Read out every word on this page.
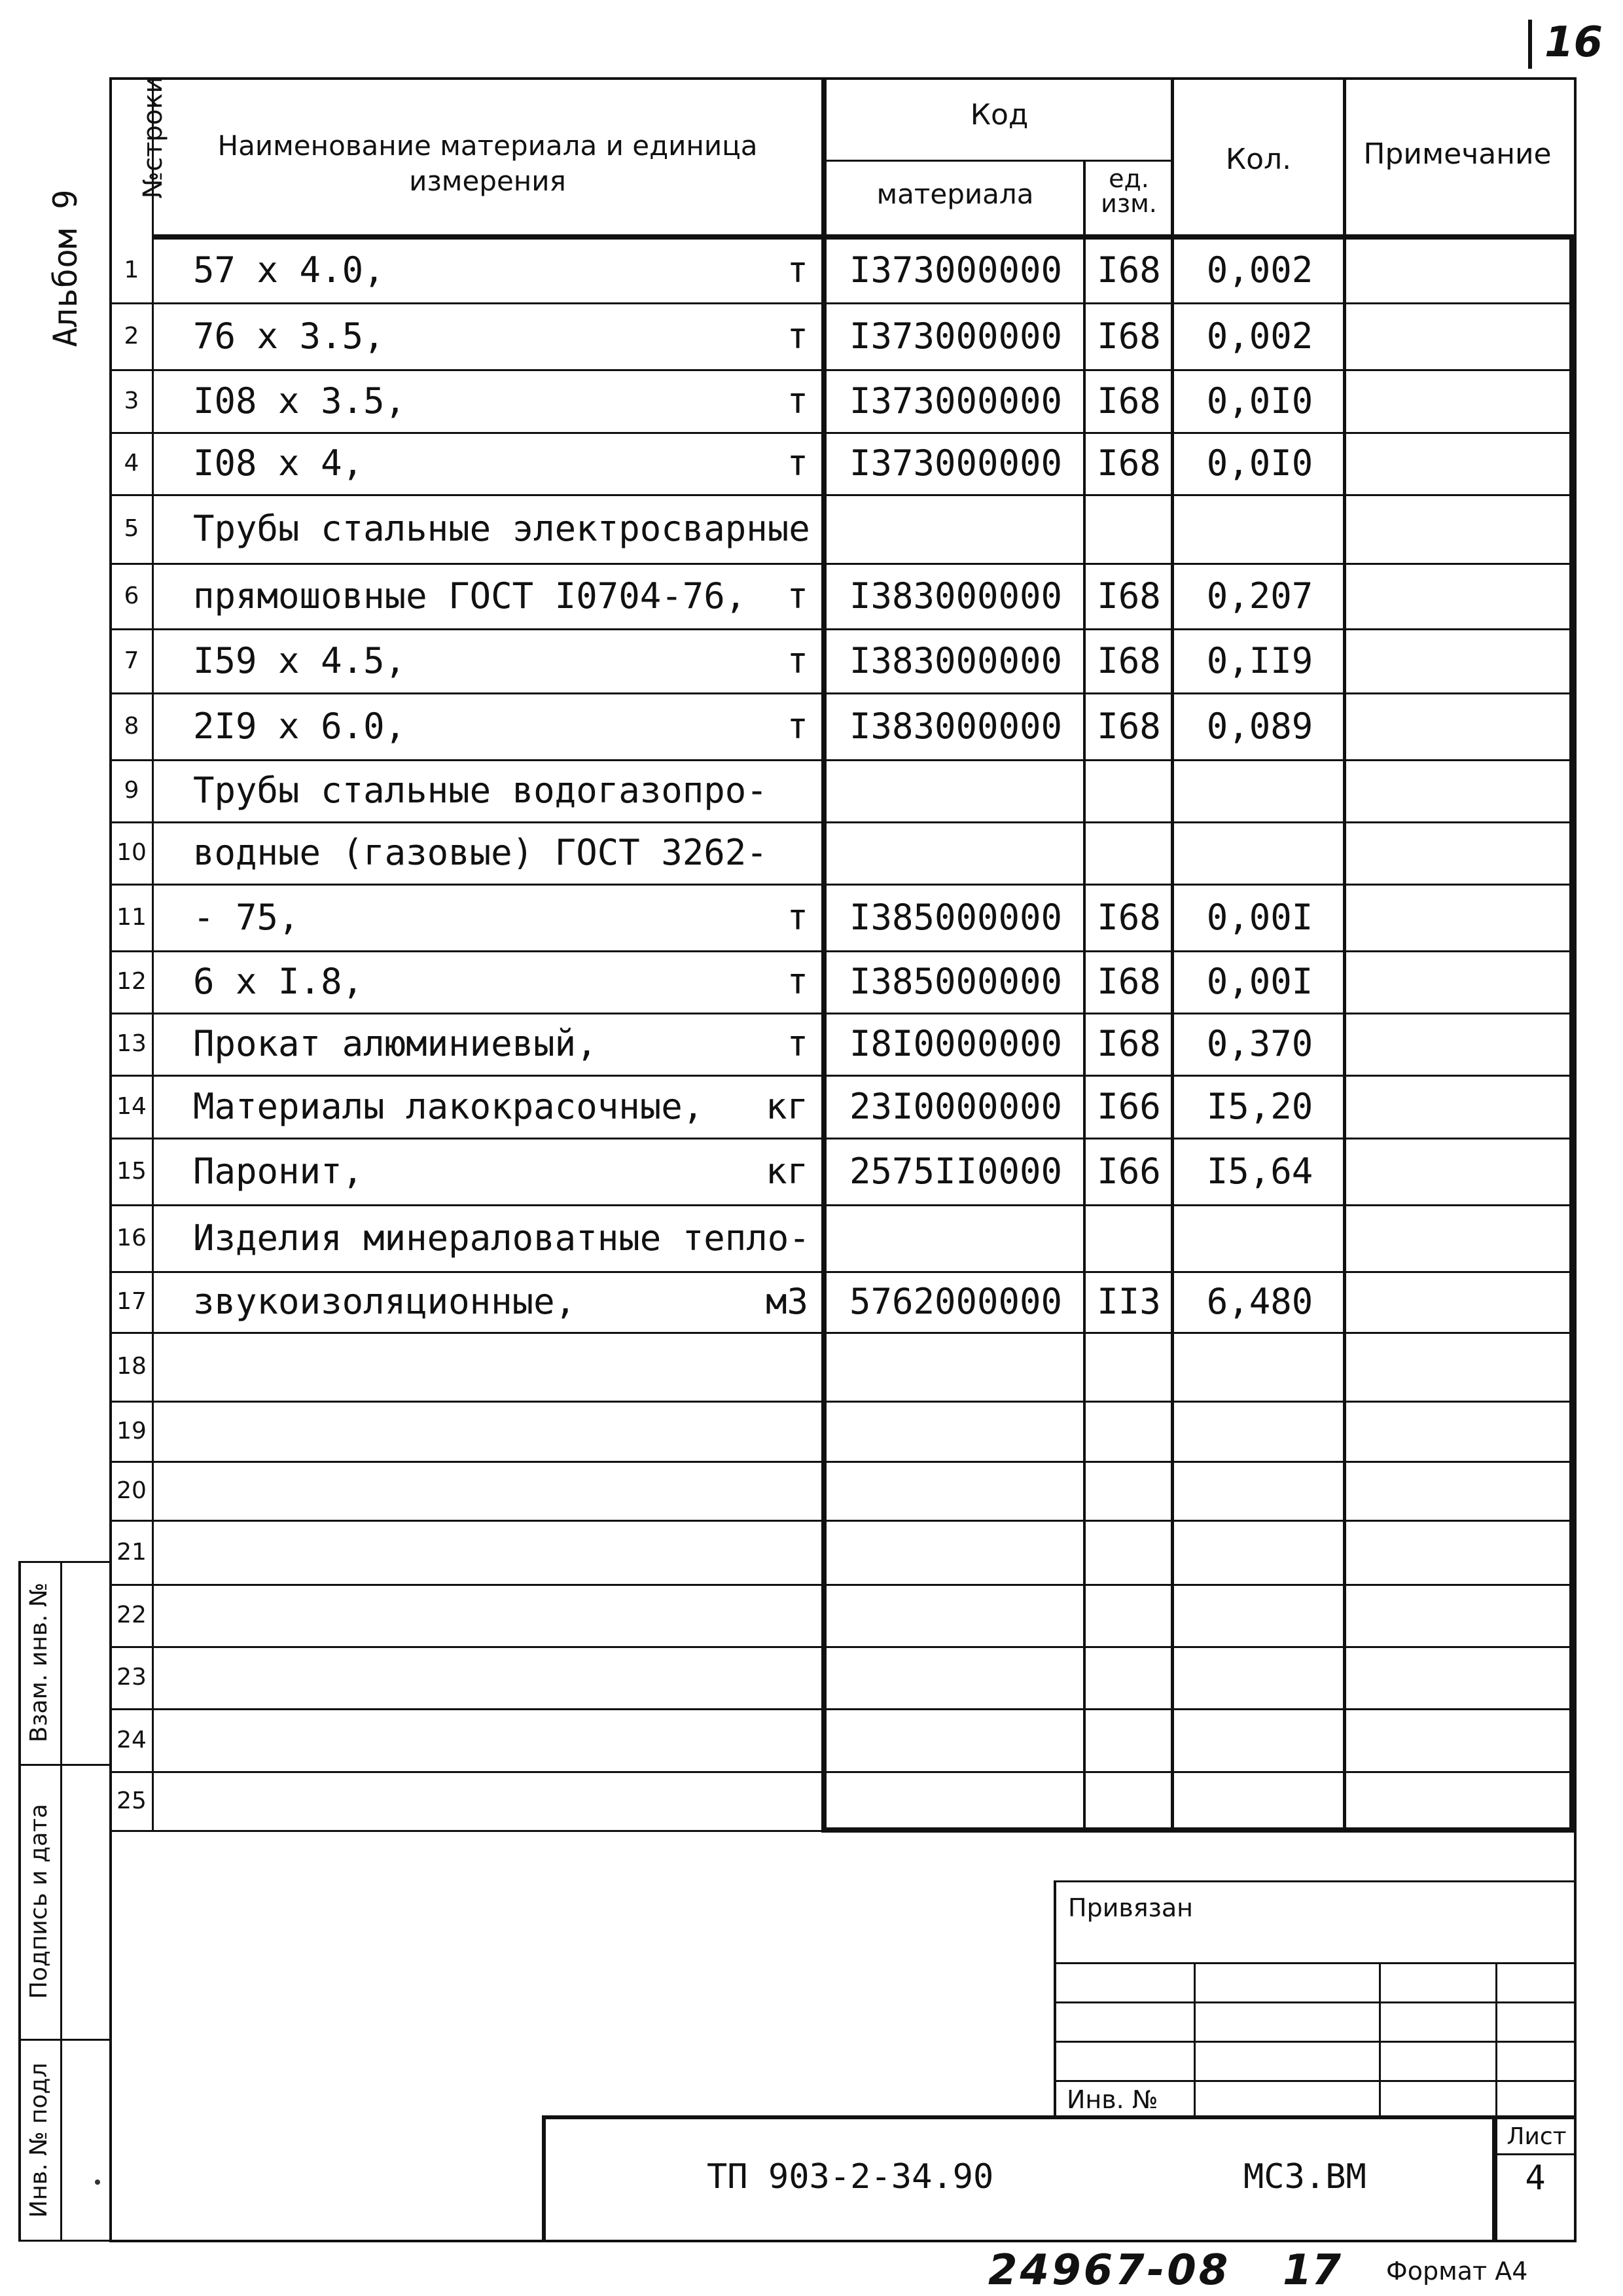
16
Альбом 9
№строки Наименование материала и единица измерения
Код
материала	ед. изм.
Кол.	Примечание
1	57 x 4.0,	т	I373000000 I68	0,002
2	76 x 3.5,	т	I373000000 I68	0,002
3	I08 x 3.5,	т	I373000000 I68	0,0I0
4	I08 x 4,	т	I373000000 I68	0,0I0
5	Трубы стальные электросварные
6	прямошовные ГОСТ I0704-76,	т	I383000000 I68	0,207
7	I59 x 4.5,	т	I383000000 I68	0,II9
8	2I9 x 6.0,	т	I383000000 I68	0,089
9	Трубы стальные водогазопро-
10 водные (газовые) ГОСТ 3262-
11 - 75,	т	I385000000 I68	0,00I
12 6 x I.8,	т	I385000000 I68	0,00I
13 Прокат алюминиевый,	т	I8I0000000 I68	0,370
14 Материалы лакокрасочные,	кг	23I0000000 I66	I5,20
15 Паронит,	кг	2575II0000 I66	I5,64
16 Изделия минераловатные тепло-
17 звукоизоляционные,	м3	5762000000 II3	6,480
18
19
20
21
22
23
24
25
Взам. инв. №
Подпись и дата
Инв. № подл
Привязан
Инв. №
ТП 903-2-34.90	МС3.ВМ
Лист
4
24967-08 17 Формат А4
